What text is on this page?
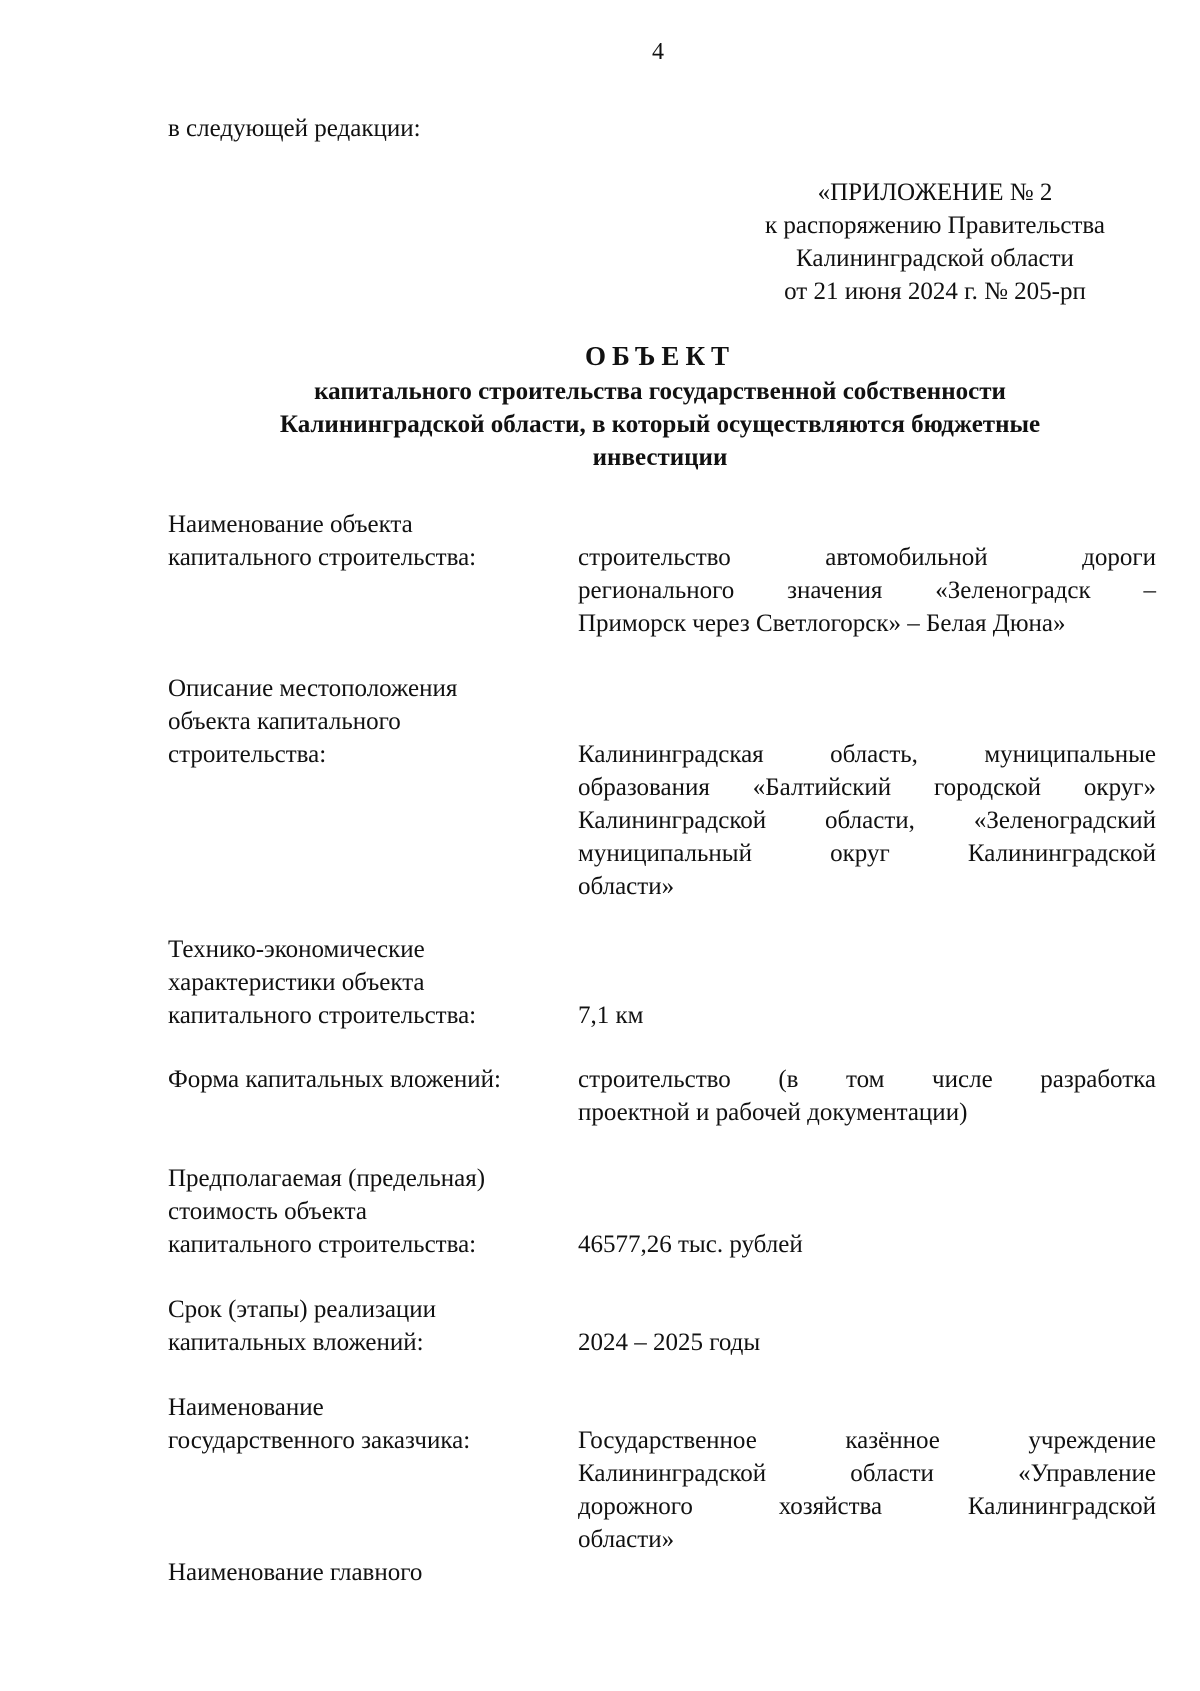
4
в следующей редакции:
«ПРИЛОЖЕНИЕ № 2
к распоряжению Правительства
Калининградской области
от 21 июня 2024 г. № 205-рп
ОБЪЕКТ
капитального строительства государственной собственности
Калининградской области, в который осуществляются бюджетные
инвестиции
Наименование объекта
капитального строительства:	строительство автомобильной дороги
регионального значения «Зеленоградск –
Приморск через Светлогорск» – Белая Дюна»
Описание местоположения
объекта капитального
строительства:	Калининградская область, муниципальные
образования «Балтийский городской округ»
Калининградской области, «Зеленоградский
муниципальный округ Калининградской
области»
Технико-экономические
характеристики объекта
капитального строительства:	7,1 км
Форма капитальных вложений:	строительство (в том числе разработка
проектной и рабочей документации)
Предполагаемая (предельная)
стоимость объекта
капитального строительства:	46577,26 тыс. рублей
Срок (этапы) реализации
капитальных вложений:	2024 – 2025 годы
Наименование
государственного заказчика:	Государственное казённое учреждение
Калининградской области «Управление
дорожного хозяйства Калининградской
области»
Наименование главного
